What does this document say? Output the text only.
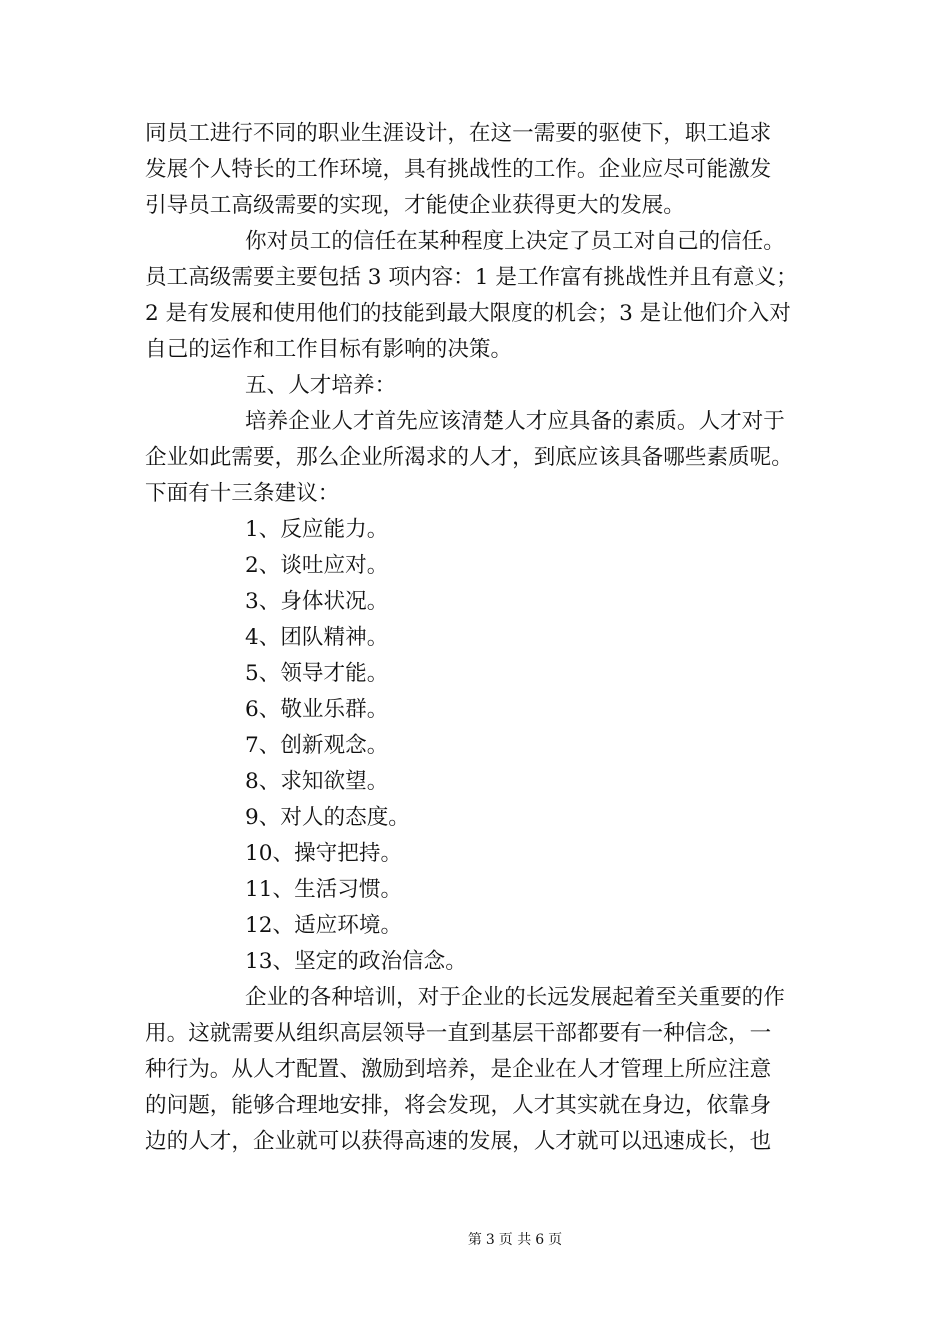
同员工进行不同的职业生涯设计，在这一需要的驱使下，职工追求
发展个人特长的工作环境，具有挑战性的工作。企业应尽可能激发
引导员工高级需要的实现，才能使企业获得更大的发展。

你对员工的信任在某种程度上决定了员工对自己的信任。
员工高级需要主要包括 3 项内容：1 是工作富有挑战性并且有意义；
2 是有发展和使用他们的技能到最大限度的机会；3 是让他们介入对
自己的运作和工作目标有影响的决策。

五、人才培养：

培养企业人才首先应该清楚人才应具备的素质。人才对于
企业如此需要，那么企业所渴求的人才，到底应该具备哪些素质呢。
下面有十三条建议：

1、反应能力。
2、谈吐应对。
3、身体状况。
4、团队精神。
5、领导才能。
6、敬业乐群。
7、创新观念。
8、求知欲望。
9、对人的态度。
10、操守把持。
11、生活习惯。
12、适应环境。
13、坚定的政治信念。

企业的各种培训，对于企业的长远发展起着至关重要的作
用。这就需要从组织高层领导一直到基层干部都要有一种信念，一
种行为。从人才配置、激励到培养，是企业在人才管理上所应注意
的问题，能够合理地安排，将会发现，人才其实就在身边，依靠身
边的人才，企业就可以获得高速的发展，人才就可以迅速成长，也

第 3 页 共 6 页
